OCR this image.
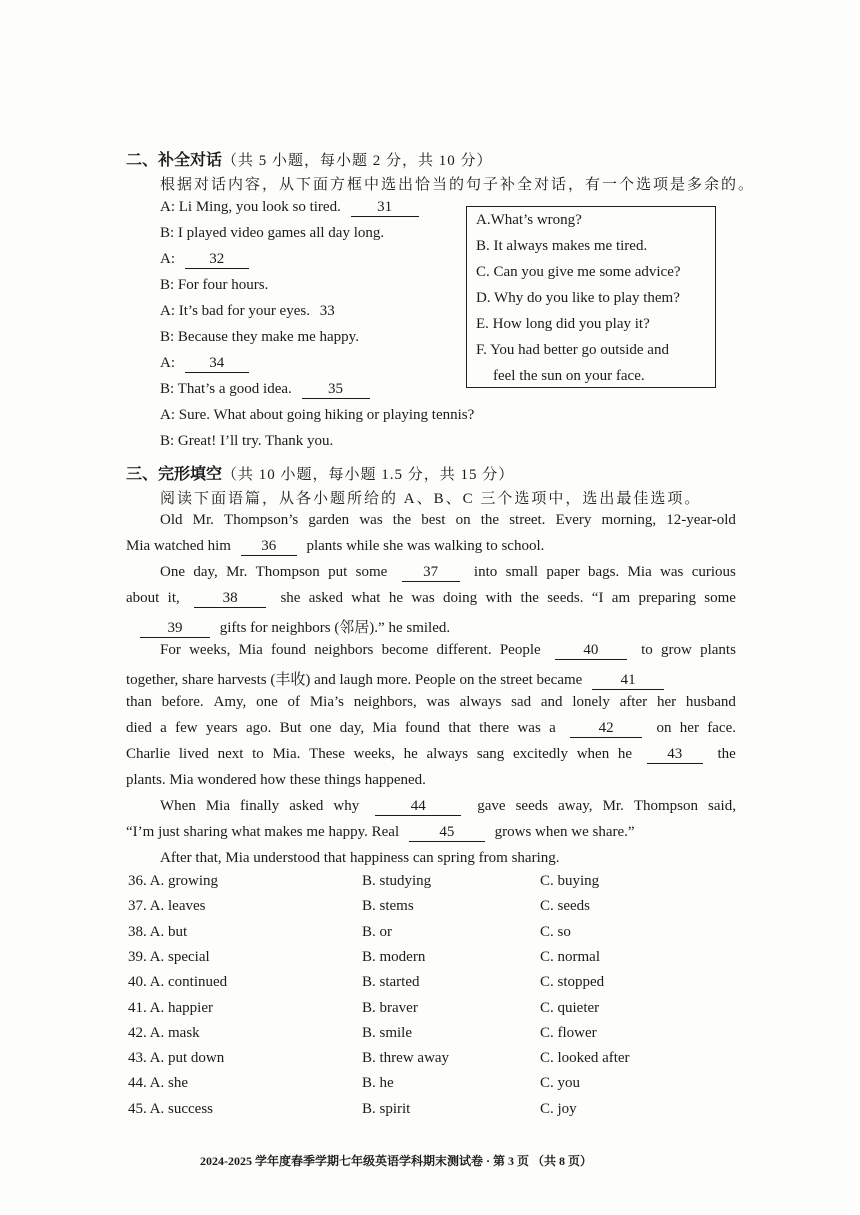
二、补全对话（共 5 小题，每小题 2 分，共 10 分）
根据对话内容，从下面方框中选出恰当的句子补全对话，有一个选项是多余的。
A: Li Ming, you look so tired. 31
B: I played video games all day long.
A: 32
B: For four hours.
A: It’s bad for your eyes. 33
B: Because they make me happy.
A: 34
B: That’s a good idea. 35
A: Sure. What about going hiking or playing tennis?
B: Great! I’ll try. Thank you.
A.What’s wrong?
B. It always makes me tired.
C. Can you give me some advice?
D. Why do you like to play them?
E. How long did you play it?
F. You had better go outside and
feel the sun on your face.
三、完形填空（共 10 小题，每小题 1.5 分，共 15 分）
阅读下面语篇，从各小题所给的 A、B、C 三个选项中，选出最佳选项。
Old Mr. Thompson’s garden was the best on the street. Every morning, 12-year-old
Mia watched him 36 plants while she was walking to school.
One day, Mr. Thompson put some	37	into small paper bags. Mia was curious
about it,	38	she asked what he was doing with the seeds. “I am preparing some
39 gifts for neighbors (邻居).” he smiled.
For weeks, Mia found neighbors become different. People	40	to grow plants
together, share harvests (丰收) and laugh more. People on the street became 41
than before. Amy, one of Mia’s neighbors, was always sad and lonely after her husband
died a few years ago. But one day, Mia found that there was a	42	on her face.
Charlie lived next to Mia. These weeks, he always sang excitedly when he	43	the
plants. Mia wondered how these things happened.
When Mia finally asked why	44	gave seeds away, Mr. Thompson said,
“I’m just sharing what makes me happy. Real 45 grows when we share.”
After that, Mia understood that happiness can spring from sharing.
36. A. growing	B. studying	C. buying
37. A. leaves	B. stems	C. seeds
38. A. but	B. or	C. so
39. A. special	B. modern	C. normal
40. A. continued	B. started	C. stopped
41. A. happier	B. braver	C. quieter
42. A. mask	B. smile	C. flower
43. A. put down	B. threw away	C. looked after
44. A. she	B. he	C. you
45. A. success	B. spirit	C. joy
2024-2025 学年度春季学期七年级英语学科期末测试卷 · 第 3 页 （共 8 页）
